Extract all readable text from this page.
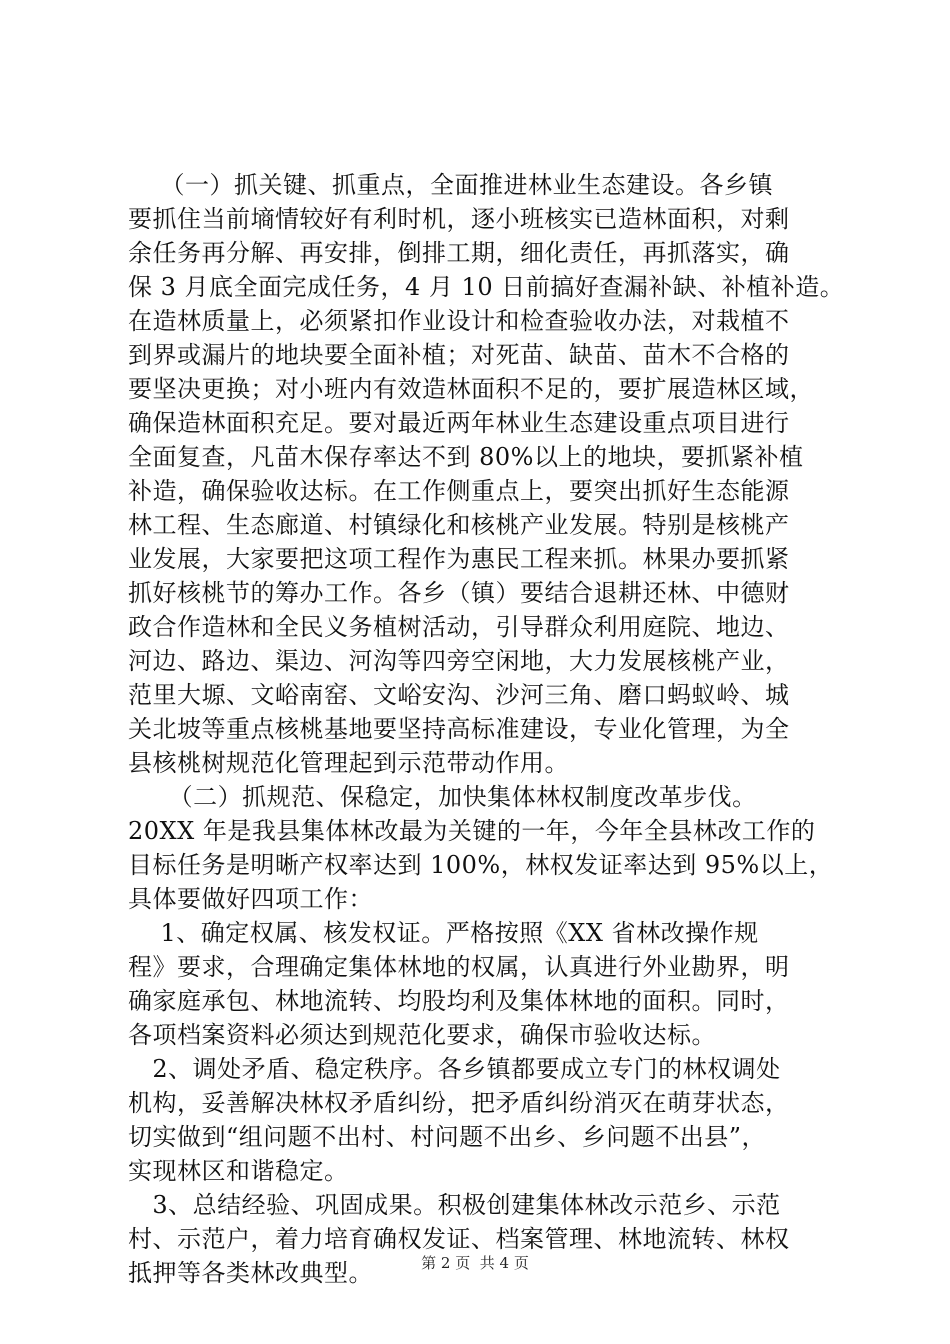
（一）抓关键、抓重点，全面推进林业生态建设。各乡镇
要抓住当前墒情较好有利时机，逐小班核实已造林面积，对剩
余任务再分解、再安排，倒排工期，细化责任，再抓落实，确
保 3 月底全面完成任务，4 月 10 日前搞好查漏补缺、补植补造。
在造林质量上，必须紧扣作业设计和检查验收办法，对栽植不
到界或漏片的地块要全面补植；对死苗、缺苗、苗木不合格的
要坚决更换；对小班内有效造林面积不足的，要扩展造林区域，
确保造林面积充足。要对最近两年林业生态建设重点项目进行
全面复查，凡苗木保存率达不到 80%以上的地块，要抓紧补植
补造，确保验收达标。在工作侧重点上，要突出抓好生态能源
林工程、生态廊道、村镇绿化和核桃产业发展。特别是核桃产
业发展，大家要把这项工程作为惠民工程来抓。林果办要抓紧
抓好核桃节的筹办工作。各乡（镇）要结合退耕还林、中德财
政合作造林和全民义务植树活动，引导群众利用庭院、地边、
河边、路边、渠边、河沟等四旁空闲地，大力发展核桃产业，
范里大塬、文峪南窑、文峪安沟、沙河三角、磨口蚂蚁岭、城
关北坡等重点核桃基地要坚持高标准建设，专业化管理，为全
县核桃树规范化管理起到示范带动作用。
（二）抓规范、保稳定，加快集体林权制度改革步伐。
20XX 年是我县集体林改最为关键的一年，今年全县林改工作的
目标任务是明晰产权率达到 100%，林权发证率达到 95%以上，
具体要做好四项工作：
1、确定权属、核发权证。严格按照《XX 省林改操作规
程》要求，合理确定集体林地的权属，认真进行外业勘界，明
确家庭承包、林地流转、均股均利及集体林地的面积。同时，
各项档案资料必须达到规范化要求，确保市验收达标。
2、调处矛盾、稳定秩序。各乡镇都要成立专门的林权调处
机构，妥善解决林权矛盾纠纷，把矛盾纠纷消灭在萌芽状态，
切实做到“组问题不出村、村问题不出乡、乡问题不出县”，
实现林区和谐稳定。
3、总结经验、巩固成果。积极创建集体林改示范乡、示范
村、示范户，着力培育确权发证、档案管理、林地流转、林权
抵押等各类林改典型。	第 2 页  共 4 页
